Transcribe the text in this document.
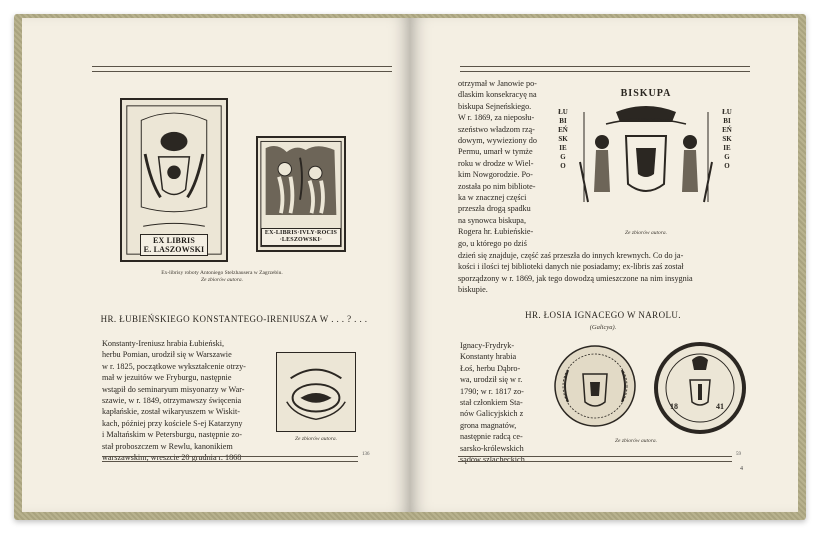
EX LIBRIS
E. LASZOWSKI
EX-LIBRIS·IVLY·ROCIS
·LESZOWSKI·
Ex-librisy roboty Antoniego Stelzhausera w Zagrzebiu.
Ze zbiorów autora.
HR. ŁUBIEŃSKIEGO KONSTANTEGO-IRENIUSZA W . . . ? . . .
Konstanty-Ireniusz hrabia Łubieński,
herbu Pomian, urodził się w Warszawie
w r. 1825, początkowe wykształcenie otrzy-
mał w jezuitów we Fryburgu, następnie
wstąpił do seminaryum misyonarzy w War-
szawie, w r. 1849, otrzymawszy święcenia
kapłańskie, został wikaryuszem w Wiskit-
kach, później przy kościele S-ej Katarzyny
i Maltańskim w Petersburgu, następnie zo-
stał proboszczem w Rewlu, kanonikiem
warszawskim, wreszcie 20 grudnia r. 1868
Ze zbiorów autora.
136
otrzymał w Janowie po-
dlaskim konsekracyę na
biskupa Sejneńskiego.
W r. 1869, za nieposłu-
szeństwo władzom rzą-
dowym, wywieziony do
Permu, umarł w tymże
roku w drodze w Wiel-
kim Nowgorodzie. Po-
została po nim bibliote-
ka w znacznej części
przeszła drogą spadku
na synowca biskupa,
Rogera hr. Łubieńskie-
go, u którego po dziś
BISKUPA
ŁUBIEŃSKIEGO
ŁUBIEŃSKIEGO
Ze zbiorów autora.
dzień się znajduje, część zaś przeszła do innych krewnych. Co do ja-
kości i ilości tej biblioteki danych nie posiadamy; ex-libris zaś został
sporządzony w r. 1869, jak tego dowodzą umieszczone na nim insygnia
biskupie.
HR. ŁOSIA IGNACEGO W NAROLU.
(Galicya).
Ignacy-Frydryk-
Konstanty hrabia
Łoś, herbu Dąbro-
wa, urodził się w r.
1790; w r. 1817 zo-
stał członkiem Sta-
nów Galicyjskich z
grona magnatów,
następnie radcą ce-
sarsko-królewskich
sądów szlacheckich
18	41
Ze zbiorów autora.
59
4
